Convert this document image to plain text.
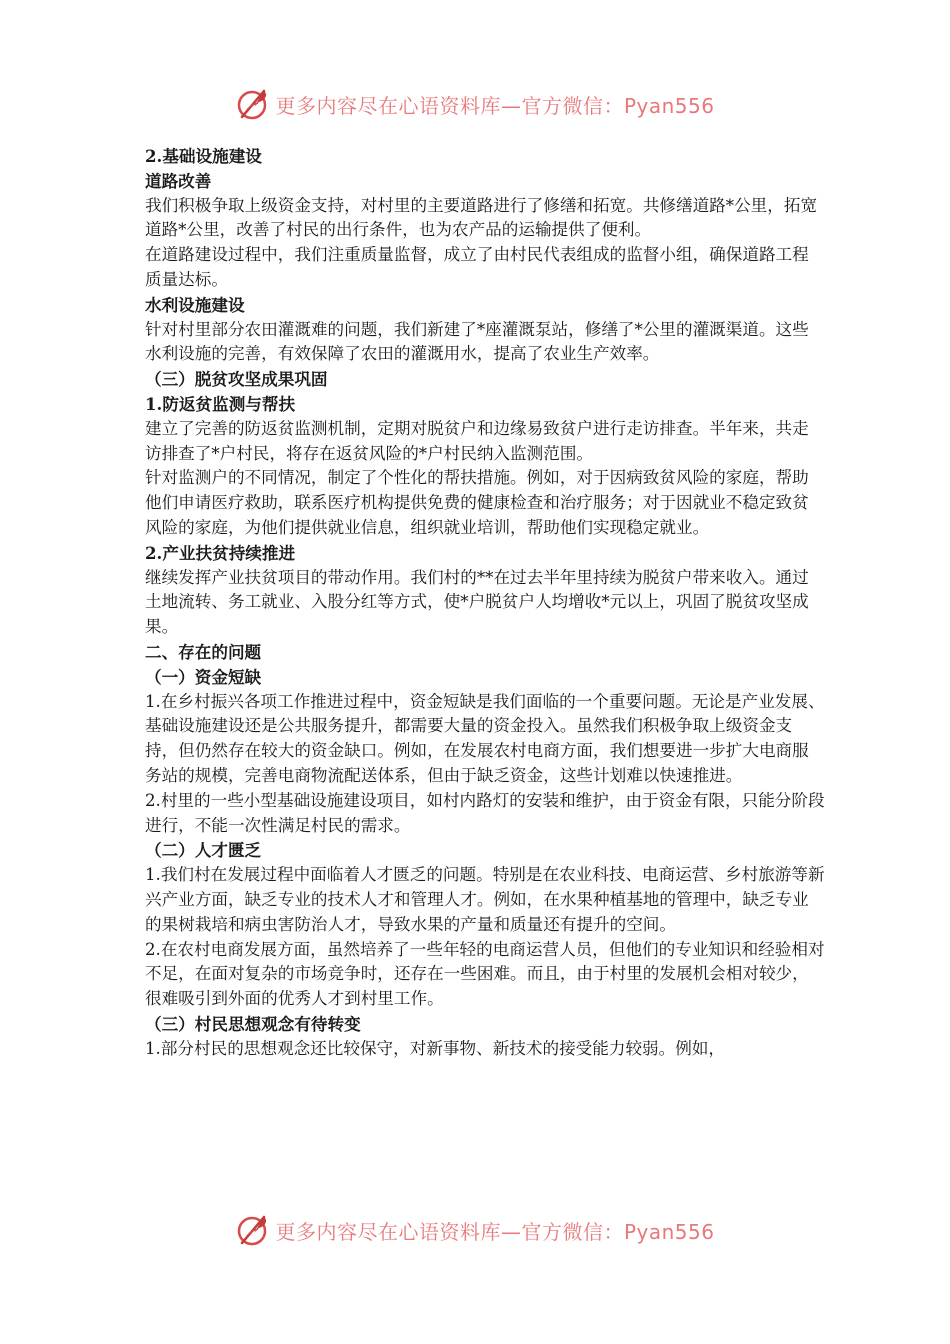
更多内容尽在心语资料库—官方微信：Pyan556

2.基础设施建设

道路改善

我们积极争取上级资金支持，对村里的主要道路进行了修缮和拓宽。共修缮道路*公里，拓宽道路*公里，改善了村民的出行条件，也为农产品的运输提供了便利。

在道路建设过程中，我们注重质量监督，成立了由村民代表组成的监督小组，确保道路工程质量达标。

水利设施建设

针对村里部分农田灌溉难的问题，我们新建了*座灌溉泵站，修缮了*公里的灌溉渠道。这些水利设施的完善，有效保障了农田的灌溉用水，提高了农业生产效率。

（三）脱贫攻坚成果巩固

1.防返贫监测与帮扶

建立了完善的防返贫监测机制，定期对脱贫户和边缘易致贫户进行走访排查。半年来，共走访排查了*户村民，将存在返贫风险的*户村民纳入监测范围。

针对监测户的不同情况，制定了个性化的帮扶措施。例如，对于因病致贫风险的家庭，帮助他们申请医疗救助，联系医疗机构提供免费的健康检查和治疗服务；对于因就业不稳定致贫风险的家庭，为他们提供就业信息，组织就业培训，帮助他们实现稳定就业。

2.产业扶贫持续推进

继续发挥产业扶贫项目的带动作用。我们村的**在过去半年里持续为脱贫户带来收入。通过土地流转、务工就业、入股分红等方式，使*户脱贫户人均增收*元以上，巩固了脱贫攻坚成果。

二、存在的问题

（一）资金短缺

1.在乡村振兴各项工作推进过程中，资金短缺是我们面临的一个重要问题。无论是产业发展、基础设施建设还是公共服务提升，都需要大量的资金投入。虽然我们积极争取上级资金支持，但仍然存在较大的资金缺口。例如，在发展农村电商方面，我们想要进一步扩大电商服务站的规模，完善电商物流配送体系，但由于缺乏资金，这些计划难以快速推进。

2.村里的一些小型基础设施建设项目，如村内路灯的安装和维护，由于资金有限，只能分阶段进行，不能一次性满足村民的需求。

（二）人才匮乏

1.我们村在发展过程中面临着人才匮乏的问题。特别是在农业科技、电商运营、乡村旅游等新兴产业方面，缺乏专业的技术人才和管理人才。例如，在水果种植基地的管理中，缺乏专业的果树栽培和病虫害防治人才，导致水果的产量和质量还有提升的空间。

2.在农村电商发展方面，虽然培养了一些年轻的电商运营人员，但他们的专业知识和经验相对不足，在面对复杂的市场竞争时，还存在一些困难。而且，由于村里的发展机会相对较少，很难吸引到外面的优秀人才到村里工作。

（三）村民思想观念有待转变

1.部分村民的思想观念还比较保守，对新事物、新技术的接受能力较弱。例如，

更多内容尽在心语资料库—官方微信：Pyan556
